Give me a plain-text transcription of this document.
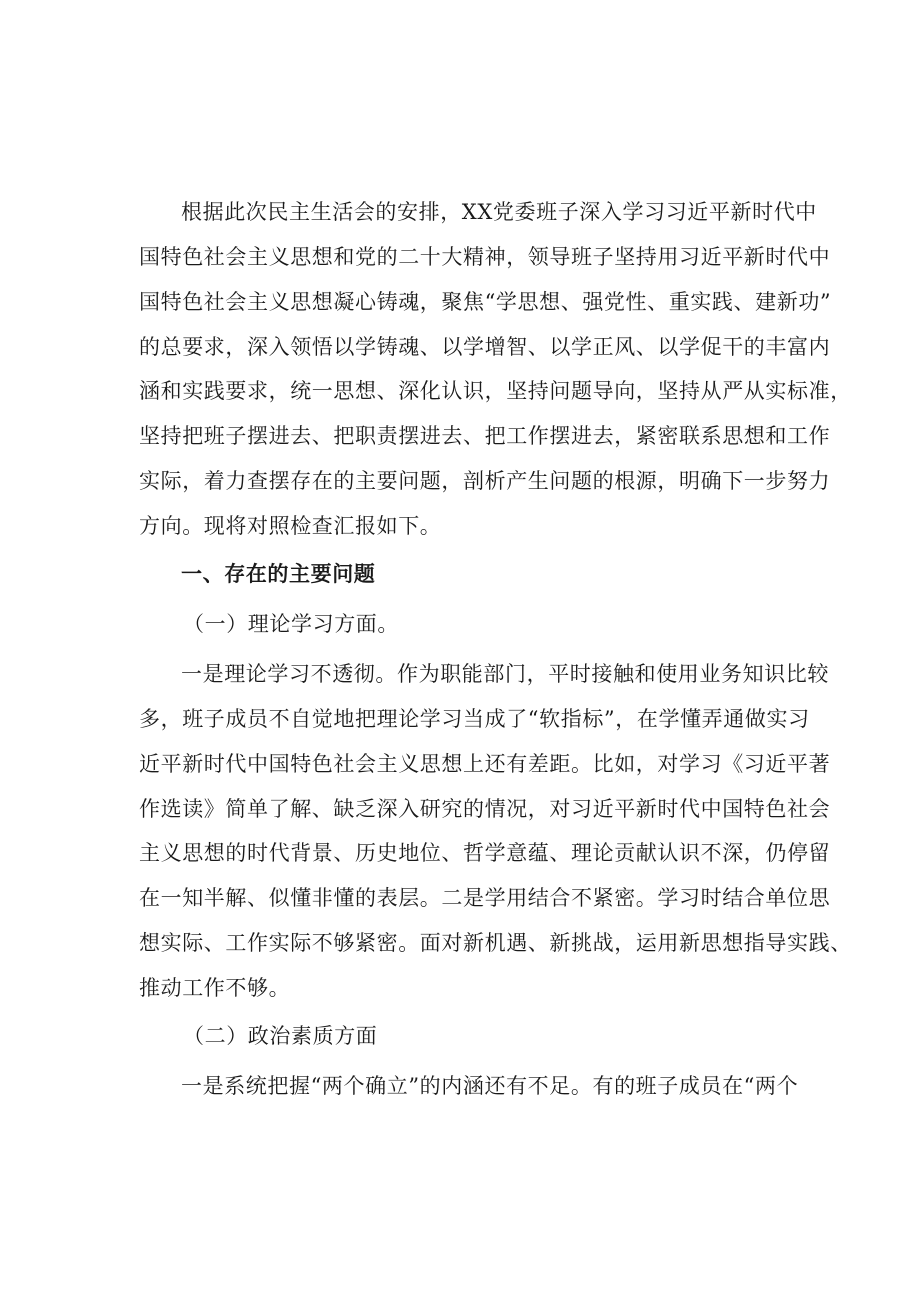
根据此次民主生活会的安排，XX党委班子深入学习习近平新时代中
国特色社会主义思想和党的二十大精神，领导班子坚持用习近平新时代中
国特色社会主义思想凝心铸魂，聚焦“学思想、强党性、重实践、建新功”
的总要求，深入领悟以学铸魂、以学增智、以学正风、以学促干的丰富内
涵和实践要求，统一思想、深化认识，坚持问题导向，坚持从严从实标准，
坚持把班子摆进去、把职责摆进去、把工作摆进去，紧密联系思想和工作
实际，着力查摆存在的主要问题，剖析产生问题的根源，明确下一步努力
方向。现将对照检查汇报如下。
一、存在的主要问题
（一）理论学习方面。
一是理论学习不透彻。作为职能部门，平时接触和使用业务知识比较
多，班子成员不自觉地把理论学习当成了“软指标”，在学懂弄通做实习
近平新时代中国特色社会主义思想上还有差距。比如，对学习《习近平著
作选读》简单了解、缺乏深入研究的情况，对习近平新时代中国特色社会
主义思想的时代背景、历史地位、哲学意蕴、理论贡献认识不深，仍停留
在一知半解、似懂非懂的表层。二是学用结合不紧密。学习时结合单位思
想实际、工作实际不够紧密。面对新机遇、新挑战，运用新思想指导实践、
推动工作不够。
（二）政治素质方面
一是系统把握“两个确立”的内涵还有不足。有的班子成员在“两个
